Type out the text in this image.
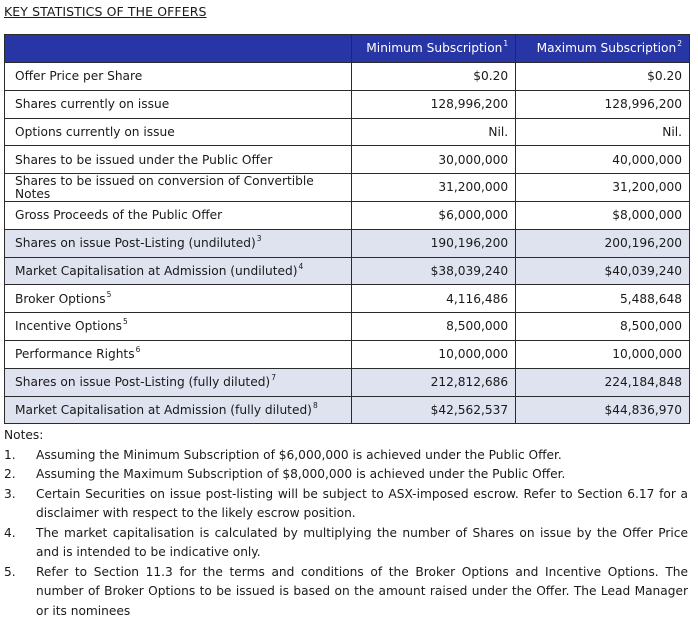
KEY STATISTICS OF THE OFFERS
	Minimum Subscription$^1$	Maximum Subscription$^2$
Offer Price per Share	$0.20	$0.20
Shares currently on issue	128,996,200	128,996,200
Options currently on issue	Nil.	Nil.
Shares to be issued under the Public Offer	30,000,000	40,000,000
Shares to be issued on conversion of Convertible Notes	31,200,000	31,200,000
Gross Proceeds of the Public Offer	$6,000,000	$8,000,000
Shares on issue Post-Listing (undiluted)$^3$	190,196,200	200,196,200
Market Capitalisation at Admission (undiluted)$^4$	$38,039,240	$40,039,240
Broker Options$^5$	4,116,486	5,488,648
Incentive Options$^5$	8,500,000	8,500,000
Performance Rights$^6$	10,000,000	10,000,000
Shares on issue Post-Listing (fully diluted)$^7$	212,812,686	224,184,848
Market Capitalisation at Admission (fully diluted)$^8$	$42,562,537	$44,836,970
Notes:
1.	Assuming the Minimum Subscription of $6,000,000 is achieved under the Public Offer.
2.	Assuming the Maximum Subscription of $8,000,000 is achieved under the Public Offer.
3.	Certain Securities on issue post-listing will be subject to ASX-imposed escrow. Refer to Section 6.17 for a disclaimer with respect to the likely escrow position.
4.	The market capitalisation is calculated by multiplying the number of Shares on issue by the Offer Price and is intended to be indicative only.
5.	Refer to Section 11.3 for the terms and conditions of the Broker Options and Incentive Options. The number of Broker Options to be issued is based on the amount raised under the Offer. The Lead Manager or its nominees
